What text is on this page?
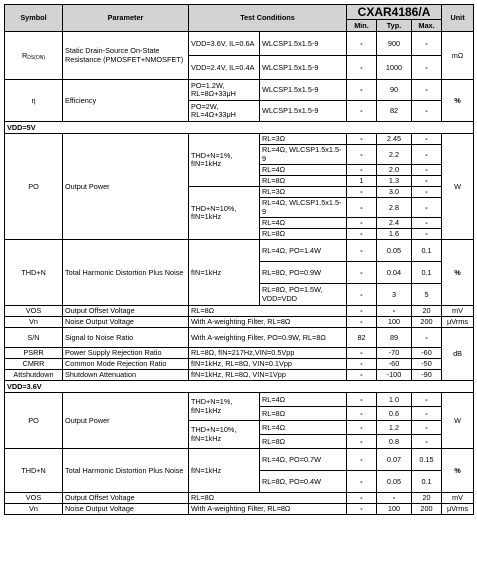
Symbol	Parameter	Test Conditions		CXAR4186/A			Unit
				Min.	Typ.	Max.	
RDS(ON)	Static Drain-Source On-State Resistance (PMOSFET+NMOSFET)	VDD=3.6V, IL=0.6A	WLCSP1.5x1.5-9	-	900	-	mΩ
		VDD=2.4V, IL=0.4A	WLCSP1.5x1.5-9	-	1000	-	
η	Efficiency	PO=1.2W, RL=8Ω+33μH	WLCSP1.5x1.5-9	-	90	-	%
		PO=2W, RL=4Ω+33μH	WLCSP1.5x1.5-9	-	82	-	
VDD=5V							
PO	Output Power	THD+N=1%, fIN=1kHz	RL=3Ω	-	2.45	-	W
			RL=4Ω, WLCSP1.5x1.5-9	-	2.2	-	
			RL=4Ω	-	2.0	-	
			RL=8Ω	1	1.3	-	
		THD+N=10%, fIN=1kHz	RL=3Ω	-	3.0	-	
			RL=4Ω, WLCSP1.5x1.5-9	-	2.8	-	
			RL=4Ω	-	2.4	-	
			RL=8Ω	-	1.6	-	
THD+N	Total Harmonic Distortion Plus Noise	fIN=1kHz	RL=4Ω, PO=1.4W	-	0.05	0.1	%
			RL=8Ω, PO=0.9W	-	0.04	0.1	
			RL=8Ω, PO=1.5W, VDD=VDD	-	3	5	
VOS	Output Offset Voltage	RL=8Ω		-	-	20	mV
Vn	Noise Output Voltage	With A-weighting Filter, RL=8Ω		-	100	200	μVrms
S/N	Signal to Noise Ratio	With A-weighting Filter, PO=0.9W, RL=8Ω		82	89	-	dB
PSRR	Power Supply Rejection Ratio	RL=8Ω, fIN=217Hz,VIN=0.5Vpp		-	-70	-60	
CMRR	Common Mode Rejection Ratio	fIN=1kHz, RL=8Ω, VIN=0.1Vpp		-	-60	-50	
Attshutdown	Shutdown Attenuation	fIN=1kHz, RL=8Ω, VIN=1Vpp		-	-100	-90	
VDD=3.6V							
PO	Output Power	THD+N=1%, fIN=1kHz	RL=4Ω	-	1.0	-	W
			RL=8Ω	-	0.6	-	
		THD+N=10%, fIN=1kHz	RL=4Ω	-	1.2	-	
			RL=8Ω	-	0.8	-	
THD+N	Total Harmonic Distortion Plus Noise	fIN=1kHz	RL=4Ω, PO=0.7W	-	0.07	0.15	%
			RL=8Ω, PO=0.4W	-	0.05	0.1	
VOS	Output Offset Voltage	RL=8Ω		-	-	20	mV
Vn	Noise Output Voltage	With A-weighting Filter, RL=8Ω		-	100	200	μVrms
